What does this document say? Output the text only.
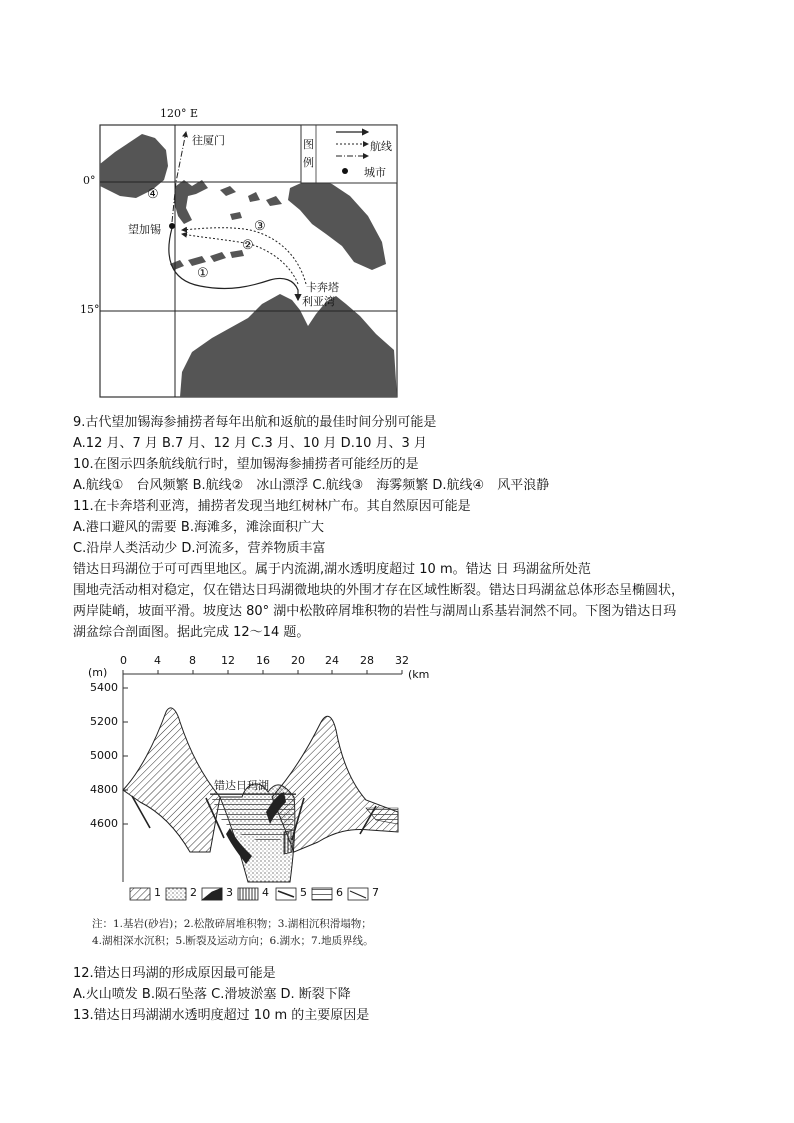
120° E
0°
15°
图
例
航线
城市
往厦门
望加锡
卡奔塔
利亚湾
①
②
③
④
9.古代望加锡海参捕捞者每年出航和返航的最佳时间分别可能是
A.12 月、7 月 B.7 月、12 月 C.3 月、10 月 D.10 月、3 月
10.在图示四条航线航行时，望加锡海参捕捞者可能经历的是
A.航线①　台风频繁 B.航线②　冰山漂浮 C.航线③　海雾频繁 D.航线④　风平浪静
11.在卡奔塔利亚湾，捕捞者发现当地红树林广布。其自然原因可能是
A.港口避风的需要 B.海滩多，滩涂面积广大
C.沿岸人类活动少 D.河流多，营养物质丰富
错达日玛湖位于可可西里地区。属于内流湖,湖水透明度超过 10 m。错达 日 玛湖盆所处范
围地壳活动相对稳定，仅在错达日玛湖微地块的外围才存在区域性断裂。错达日玛湖盆总体形态呈椭圆状，
两岸陡峭，坡面平滑。坡度达 80° 湖中松散碎屑堆积物的岩性与湖周山系基岩洞然不同。下图为错达日玛
湖盆综合剖面图。据此完成 12～14 题。
0 4	8 12 16 20 24 28 32
(km
(m)
5400
5200
5000
4800
4600
错达日玛湖
1	2	3	4	5	6	7
注：1.基岩(砂岩)；2.松散碎屑堆积物；3.湖相沉积滑塌物；
4.湖相深水沉积；5.断裂及运动方向；6.湖水；7.地质界线。
12.错达日玛湖的形成原因最可能是
A.火山喷发 B.陨石坠落 C.滑坡淤塞 D. 断裂下降
13.错达日玛湖湖水透明度超过 10 m 的主要原因是
